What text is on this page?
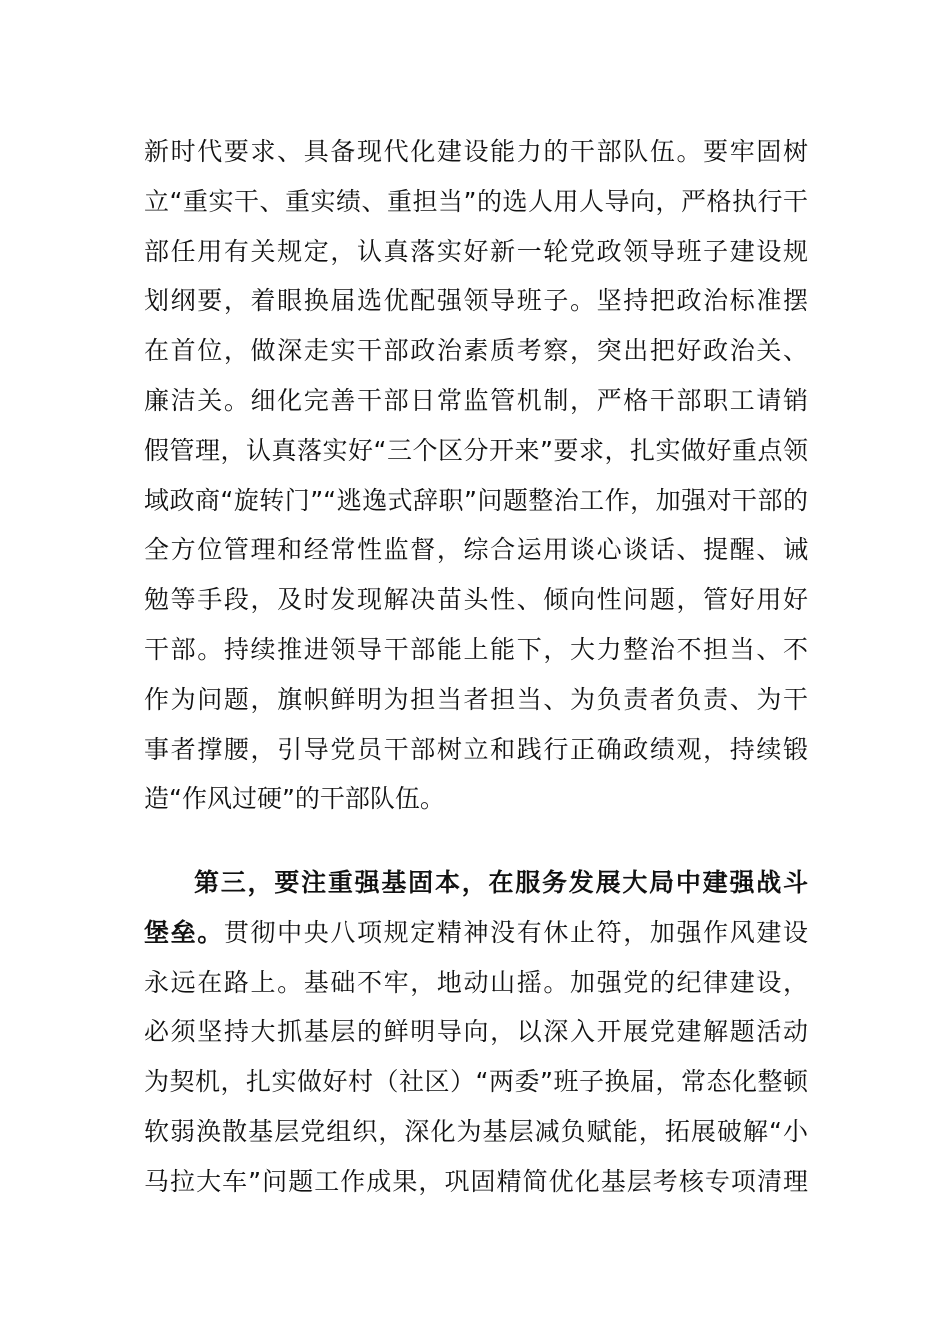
新时代要求、具备现代化建设能力的干部队伍。要牢固树
立“重实干、重实绩、重担当”的选人用人导向，严格执行干
部任用有关规定，认真落实好新一轮党政领导班子建设规
划纲要，着眼换届选优配强领导班子。坚持把政治标准摆
在首位，做深走实干部政治素质考察，突出把好政治关、
廉洁关。细化完善干部日常监管机制，严格干部职工请销
假管理，认真落实好“三个区分开来”要求，扎实做好重点领
域政商“旋转门”“逃逸式辞职”问题整治工作，加强对干部的
全方位管理和经常性监督，综合运用谈心谈话、提醒、诫
勉等手段，及时发现解决苗头性、倾向性问题，管好用好
干部。持续推进领导干部能上能下，大力整治不担当、不
作为问题，旗帜鲜明为担当者担当、为负责者负责、为干
事者撑腰，引导党员干部树立和践行正确政绩观，持续锻
造“作风过硬”的干部队伍。
第三，要注重强基固本，在服务发展大局中建强战斗
堡垒。贯彻中央八项规定精神没有休止符，加强作风建设
永远在路上。基础不牢，地动山摇。加强党的纪律建设，
必须坚持大抓基层的鲜明导向，以深入开展党建解题活动
为契机，扎实做好村（社区）“两委”班子换届，常态化整顿
软弱涣散基层党组织，深化为基层减负赋能，拓展破解“小
马拉大车”问题工作成果，巩固精简优化基层考核专项清理
